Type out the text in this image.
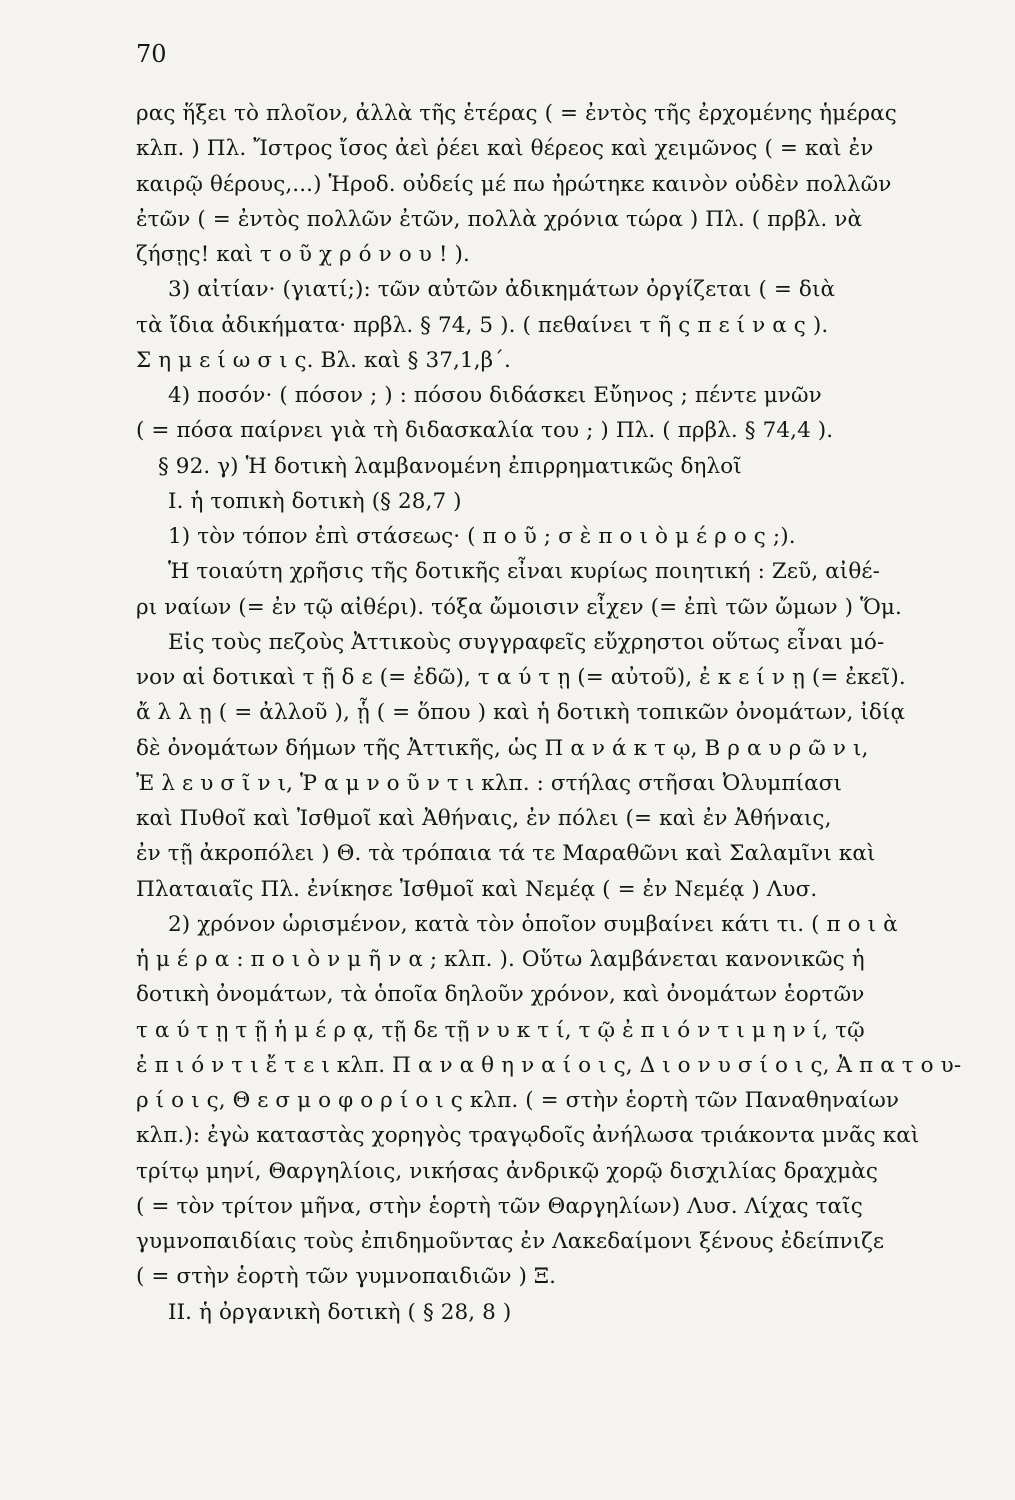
70
ρας ἥξει τὸ πλοῖον, ἀλλὰ τῆς ἑτέρας ( = ἐντὸς τῆς ἐρχομένης ἡμέρας
κλπ. ) Πλ. Ἴστρος ἴσος ἀεὶ ῥέει καὶ θέρεος καὶ χειμῶνος ( = καὶ ἐν
καιρῷ θέρους,...) Ἡροδ. οὐδείς μέ πω ἠρώτηκε καινὸν οὐδὲν πολλῶν
ἐτῶν ( = ἐντὸς πολλῶν ἐτῶν, πολλὰ χρόνια τώρα ) Πλ. ( πρβλ. νὰ
ζήσῃς! καὶ τ ο ῦ χ ρ ό ν ο υ ! ).
3) αἰτίαν· (γιατί;): τῶν αὐτῶν ἀδικημάτων ὀργίζεται ( = διὰ
τὰ ἴδια ἀδικήματα· πρβλ. § 74, 5 ). ( πεθαίνει τ ῆ ς π ε ί ν α ς ).
Σ η μ ε ί ω σ ι ς. Βλ. καὶ § 37,1,β΄.
4) ποσόν· ( πόσον ; ) : πόσου διδάσκει Εὔηνος ; πέντε μνῶν
( = πόσα παίρνει γιὰ τὴ διδασκαλία του ; ) Πλ. ( πρβλ. § 74,4 ).
§ 92. γ) Ἡ δοτικὴ λαμβανομένη ἐπιρρηματικῶς δηλοῖ
I. ἡ τοπικὴ δοτικὴ (§ 28,7 )
1) τὸν τόπον ἐπὶ στάσεως· ( π ο ῦ ; σ ὲ π ο ι ὸ μ έ ρ ο ς ;).
Ἡ τοιαύτη χρῆσις τῆς δοτικῆς εἶναι κυρίως ποιητική : Ζεῦ, αἰθέ-
ρι ναίων (= ἐν τῷ αἰθέρι). τόξα ὤμοισιν εἶχεν (= ἐπὶ τῶν ὤμων ) Ὅμ.
Εἰς τοὺς πεζοὺς Ἀττικοὺς συγγραφεῖς εὔχρηστοι οὕτως εἶναι μό-
νον αἱ δοτικαὶ τ ῇ δ ε (= ἐδῶ), τ α ύ τ ῃ (= αὐτοῦ), ἐ κ ε ί ν ῃ (= ἐκεῖ).
ἄ λ λ ῃ ( = ἀλλοῦ ), ᾗ ( = ὅπου ) καὶ ἡ δοτικὴ τοπικῶν ὀνομάτων, ἰδίᾳ
δὲ ὀνομάτων δήμων τῆς Ἀττικῆς, ὡς Π α ν ά κ τ ῳ, Β ρ α υ ρ ῶ ν ι,
Ἐ λ ε υ σ ῖ ν ι, Ῥ α μ ν ο ῦ ν τ ι κλπ. : στήλας στῆσαι Ὀλυμπίασι
καὶ Πυθοῖ καὶ Ἰσθμοῖ καὶ Ἀθήναις, ἐν πόλει (= καὶ ἐν Ἀθήναις,
ἐν τῇ ἀκροπόλει ) Θ. τὰ τρόπαια τά τε Μαραθῶνι καὶ Σαλαμῖνι καὶ
Πλαταιαῖς Πλ. ἐνίκησε Ἰσθμοῖ καὶ Νεμέᾳ ( = ἐν Νεμέᾳ ) Λυσ.
2) χρόνον ὡρισμένον, κατὰ τὸν ὁποῖον συμβαίνει κάτι τι. ( π ο ι ὰ
ἡ μ έ ρ α : π ο ι ὸ ν μ ῆ ν α ; κλπ. ). Οὕτω λαμβάνεται κανονικῶς ἡ
δοτικὴ ὀνομάτων, τὰ ὁποῖα δηλοῦν χρόνον, καὶ ὀνομάτων ἑορτῶν
τ α ύ τ ῃ τ ῇ ἡ μ έ ρ ᾳ, τῇ δε τῇ ν υ κ τ ί, τ ῷ ἐ π ι ό ν τ ι μ η ν ί, τῷ
ἐ π ι ό ν τ ι ἔ τ ε ι κλπ. Π α ν α θ η ν α ί ο ι ς, Δ ι ο ν υ σ ί ο ι ς, Ἀ π α τ ο υ-
ρ ί ο ι ς, Θ ε σ μ ο φ ο ρ ί ο ι ς κλπ. ( = στὴν ἑορτὴ τῶν Παναθηναίων
κλπ.): ἐγὼ καταστὰς χορηγὸς τραγῳδοῖς ἀνήλωσα τριάκοντα μνᾶς καὶ
τρίτῳ μηνί, Θαργηλίοις, νικήσας ἀνδρικῷ χορῷ δισχιλίας δραχμὰς
( = τὸν τρίτον μῆνα, στὴν ἑορτὴ τῶν Θαργηλίων) Λυσ. Λίχας ταῖς
γυμνοπαιδίαις τοὺς ἐπιδημοῦντας ἐν Λακεδαίμονι ξένους ἐδείπνιζε
( = στὴν ἑορτὴ τῶν γυμνοπαιδιῶν ) Ξ.
II. ἡ ὀργανικὴ δοτικὴ ( § 28, 8 )
